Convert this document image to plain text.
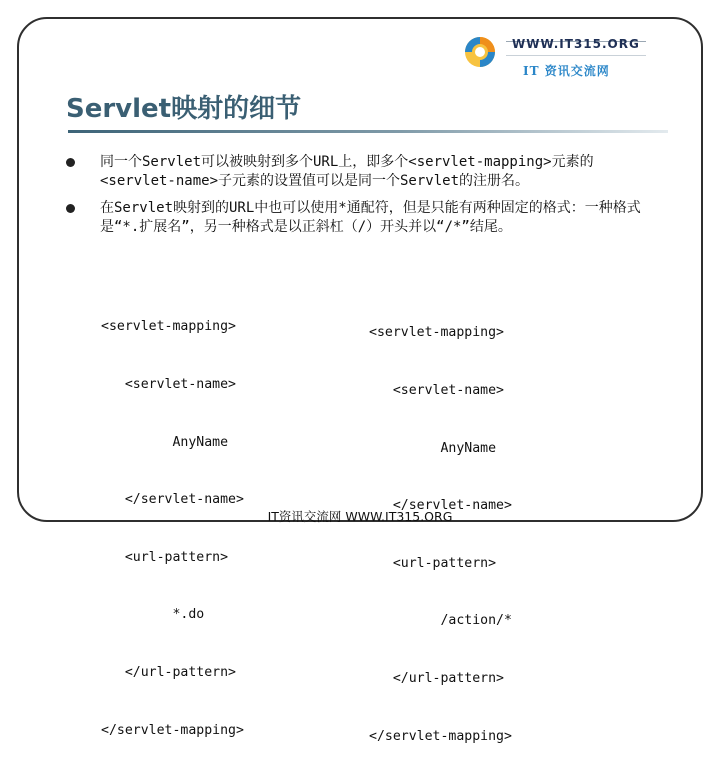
WWW.IT315.ORG
IT 资讯交流网
Servlet映射的细节
同一个Servlet可以被映射到多个URL上，即多个<servlet-mapping>元素的<servlet-name>子元素的设置值可以是同一个Servlet的注册名。
在Servlet映射到的URL中也可以使用*通配符，但是只能有两种固定的格式：一种格式是“*.扩展名”，另一种格式是以正斜杠（/）开头并以“/*”结尾。

<servlet-mapping>

<servlet-name>

AnyName

</servlet-name>

<url-pattern>

*.do

</url-pattern>

</servlet-mapping>

<servlet-mapping>

<servlet-name>

AnyName

</servlet-name>

<url-pattern>

/action/*

</url-pattern>

</servlet-mapping>

IT资讯交流网 WWW.IT315.ORG
